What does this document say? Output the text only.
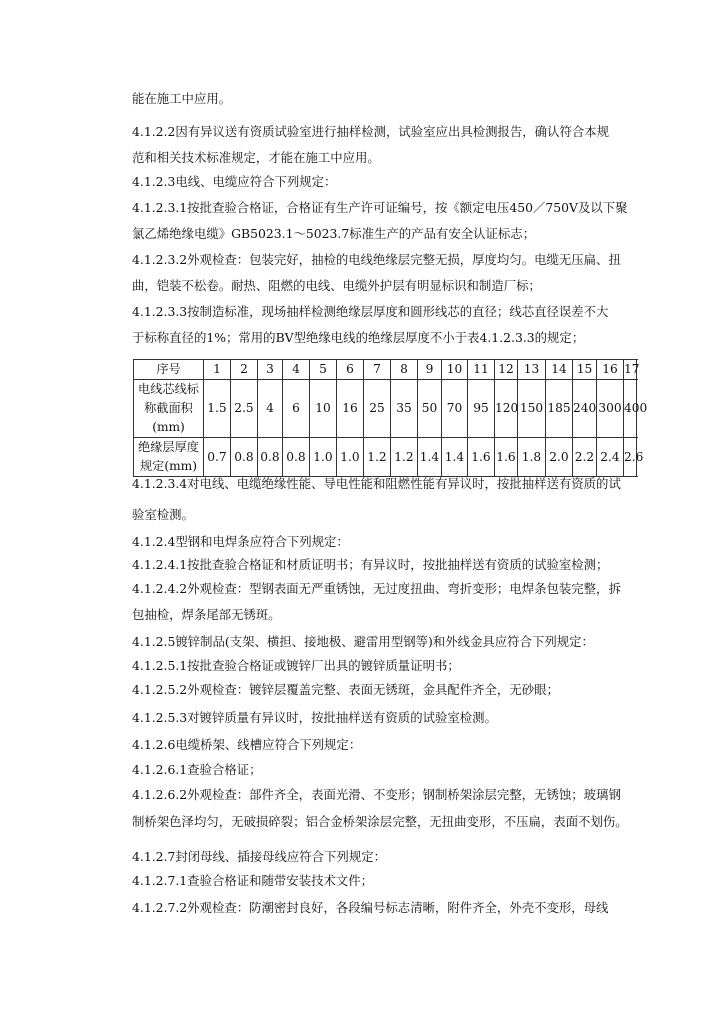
能在施工中应用。
4.1.2.2因有异议送有资质试验室进行抽样检测，试验室应出具检测报告，确认符合本规
范和相关技术标准规定，才能在施工中应用。
4.1.2.3电线、电缆应符合下列规定：
4.1.2.3.1按批查验合格证，合格证有生产许可证编号，按《额定电压450／750V及以下聚
氯乙烯绝缘电缆》GB5023.1～5023.7标准生产的产品有安全认证标志；
4.1.2.3.2外观检查：包装完好，抽检的电线绝缘层完整无损，厚度均匀。电缆无压扁、扭
曲，铠装不松卷。耐热、阻燃的电线、电缆外护层有明显标识和制造厂标；
4.1.2.3.3按制造标准，现场抽样检测绝缘层厚度和圆形线芯的直径；线芯直径误差不大
于标称直径的1%；常用的BV型绝缘电线的绝缘层厚度不小于表4.1.2.3.3的规定；
4.1.2.3.4对电线、电缆绝缘性能、导电性能和阻燃性能有异议时，按批抽样送有资质的试
验室检测。
4.1.2.4型钢和电焊条应符合下列规定：
4.1.2.4.1按批查验合格证和材质证明书；有异议时，按批抽样送有资质的试验室检测；
4.1.2.4.2外观检查：型钢表面无严重锈蚀，无过度扭曲、弯折变形；电焊条包装完整，拆
包抽检，焊条尾部无锈斑。
4.1.2.5镀锌制品(支架、横担、接地极、避雷用型钢等)和外线金具应符合下列规定：
4.1.2.5.1按批查验合格证或镀锌厂出具的镀锌质量证明书；
4.1.2.5.2外观检查：镀锌层覆盖完整、表面无锈斑，金具配件齐全，无砂眼；
4.1.2.5.3对镀锌质量有异议时，按批抽样送有资质的试验室检测。
4.1.2.6电缆桥架、线槽应符合下列规定：
4.1.2.6.1查验合格证；
4.1.2.6.2外观检查：部件齐全，表面光滑、不变形；钢制桥架涂层完整，无锈蚀；玻璃钢
制桥架色泽均匀，无破损碎裂；铝合金桥架涂层完整，无扭曲变形，不压扁，表面不划伤。
4.1.2.7封闭母线、插接母线应符合下列规定：
4.1.2.7.1查验合格证和随带安装技术文件；
4.1.2.7.2外观检查：防潮密封良好，各段编号标志清晰，附件齐全，外壳不变形，母线
序号	1	2	3	4	5	6	7	8	9	10	11	12	13	14	15	16	17
电线芯线标
称截面积
(mm)	1.5	2.5	4	6	10	16	25	35	50	70	95	120	150	185	240	300	400
绝缘层厚度
规定(mm)	0.7	0.8	0.8	0.8	1.0	1.0	1.2	1.2	1.4	1.4	1.6	1.6	1.8	2.0	2.2	2.4	2.6
